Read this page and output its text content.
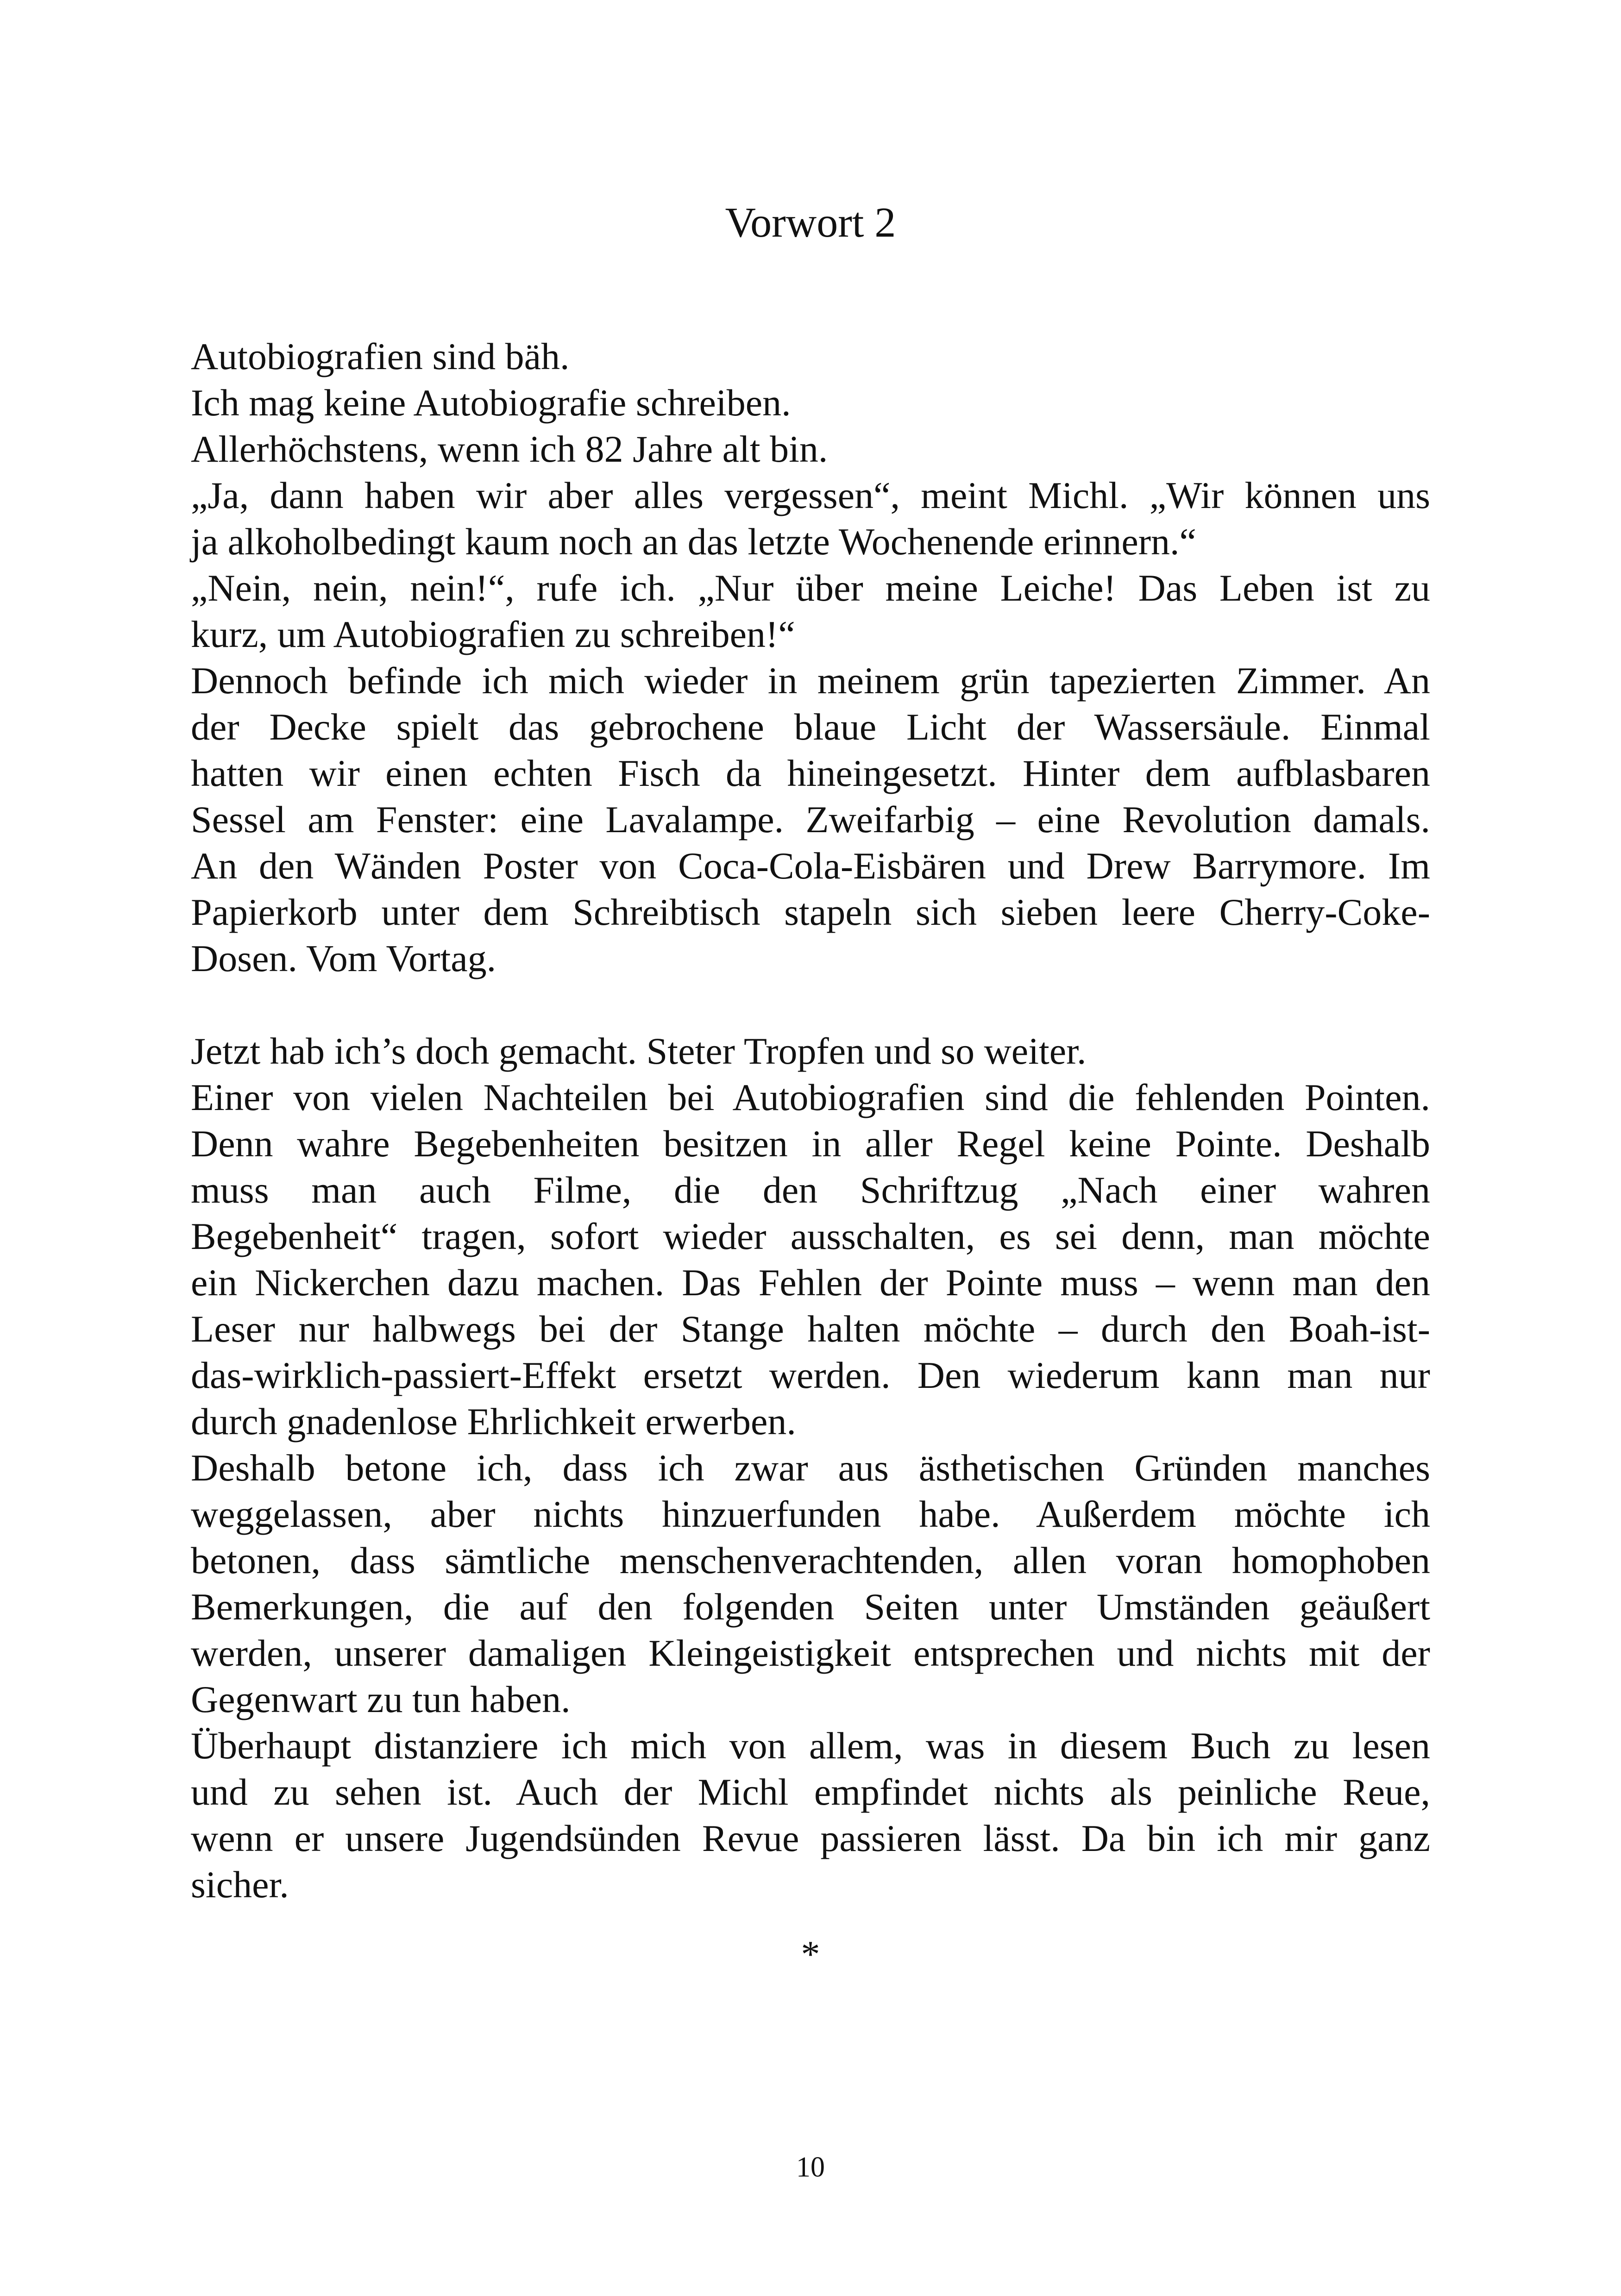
Vorwort 2
Autobiografien sind bäh.
Ich mag keine Autobiografie schreiben.
Allerhöchstens, wenn ich 82 Jahre alt bin.
„Ja, dann haben wir aber alles vergessen“, meint Michl. „Wir können uns
ja alkoholbedingt kaum noch an das letzte Wochenende erinnern.“
„Nein, nein, nein!“, rufe ich. „Nur über meine Leiche! Das Leben ist zu
kurz, um Autobiografien zu schreiben!“
Dennoch befinde ich mich wieder in meinem grün tapezierten Zimmer. An
der Decke spielt das gebrochene blaue Licht der Wassersäule. Einmal
hatten wir einen echten Fisch da hineingesetzt. Hinter dem aufblasbaren
Sessel am Fenster: eine Lavalampe. Zweifarbig – eine Revolution damals.
An den Wänden Poster von Coca-Cola-Eisbären und Drew Barrymore. Im
Papierkorb unter dem Schreibtisch stapeln sich sieben leere Cherry-Coke-
Dosen. Vom Vortag.
Jetzt hab ich’s doch gemacht. Steter Tropfen und so weiter.
Einer von vielen Nachteilen bei Autobiografien sind die fehlenden Pointen.
Denn wahre Begebenheiten besitzen in aller Regel keine Pointe. Deshalb
muss man auch Filme, die den Schriftzug „Nach einer wahren
Begebenheit“ tragen, sofort wieder ausschalten, es sei denn, man möchte
ein Nickerchen dazu machen. Das Fehlen der Pointe muss – wenn man den
Leser nur halbwegs bei der Stange halten möchte – durch den Boah-ist-
das-wirklich-passiert-Effekt ersetzt werden. Den wiederum kann man nur
durch gnadenlose Ehrlichkeit erwerben.
Deshalb betone ich, dass ich zwar aus ästhetischen Gründen manches
weggelassen, aber nichts hinzuerfunden habe. Außerdem möchte ich
betonen, dass sämtliche menschenverachtenden, allen voran homophoben
Bemerkungen, die auf den folgenden Seiten unter Umständen geäußert
werden, unserer damaligen Kleingeistigkeit entsprechen und nichts mit der
Gegenwart zu tun haben.
Überhaupt distanziere ich mich von allem, was in diesem Buch zu lesen
und zu sehen ist. Auch der Michl empfindet nichts als peinliche Reue,
wenn er unsere Jugendsünden Revue passieren lässt. Da bin ich mir ganz
sicher.
*
10
